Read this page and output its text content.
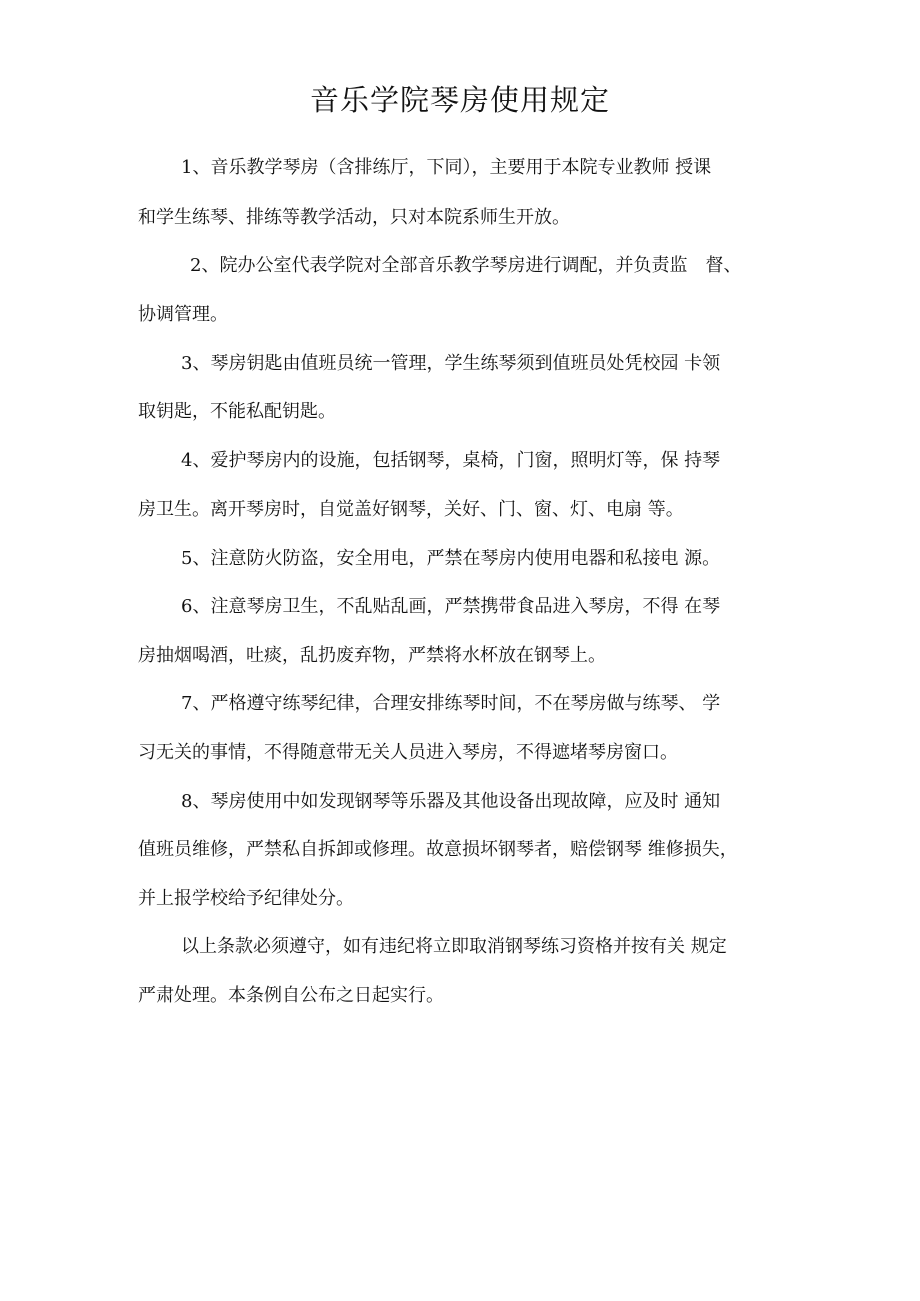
音乐学院琴房使用规定

1、音乐教学琴房（含排练厅，下同），主要用于本院专业教师 授课

和学生练琴、排练等教学活动，只对本院系师生开放。

2、院办公室代表学院对全部音乐教学琴房进行调配，并负责监　督、

协调管理。

3、琴房钥匙由值班员统一管理，学生练琴须到值班员处凭校园 卡领

取钥匙，不能私配钥匙。

4、爱护琴房内的设施，包括钢琴，桌椅，门窗，照明灯等，保 持琴

房卫生。离开琴房时，自觉盖好钢琴，关好、门、窗、灯、电扇 等。

5、注意防火防盗，安全用电，严禁在琴房内使用电器和私接电 源。

6、注意琴房卫生，不乱贴乱画，严禁携带食品进入琴房，不得 在琴

房抽烟喝酒，吐痰，乱扔废弃物，严禁将水杯放在钢琴上。

7、严格遵守练琴纪律，合理安排练琴时间，不在琴房做与练琴、 学

习无关的事情，不得随意带无关人员进入琴房，不得遮堵琴房窗口。

8、琴房使用中如发现钢琴等乐器及其他设备出现故障，应及时 通知

值班员维修，严禁私自拆卸或修理。故意损坏钢琴者，赔偿钢琴 维修损失，

并上报学校给予纪律处分。

以上条款必须遵守，如有违纪将立即取消钢琴练习资格并按有关 规定

严肃处理。本条例自公布之日起实行。
